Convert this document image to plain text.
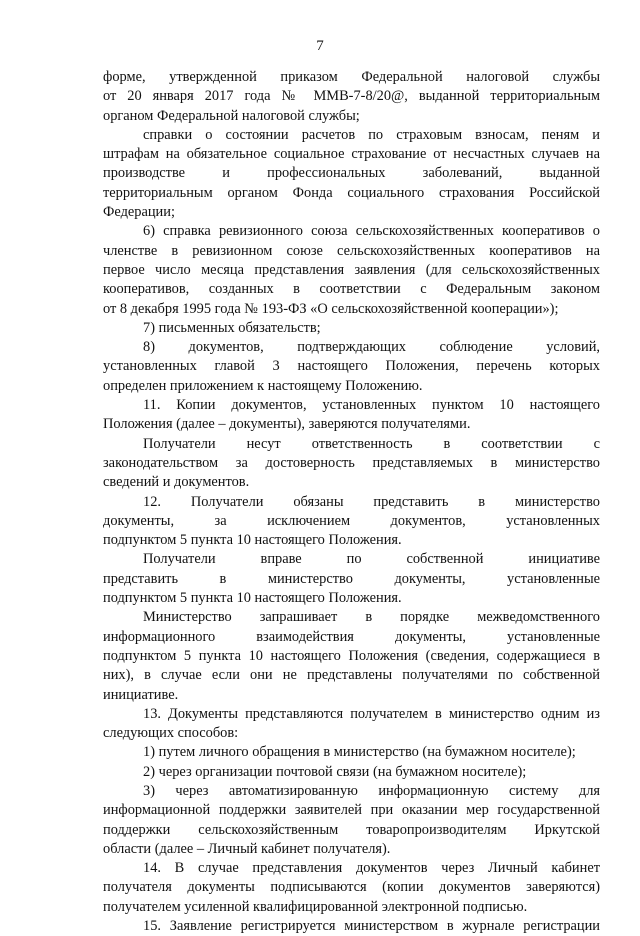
7
форме, утвержденной приказом Федеральной налоговой службы
от 20 января 2017 года № ММВ-7-8/20@, выданной территориальным
органом Федеральной налоговой службы;
справки о состоянии расчетов по страховым взносам, пеням и
штрафам на обязательное социальное страхование от несчастных случаев на
производстве и профессиональных заболеваний, выданной
территориальным органом Фонда социального страхования Российской
Федерации;
6) справка ревизионного союза сельскохозяйственных кооперативов о
членстве в ревизионном союзе сельскохозяйственных кооперативов на
первое число месяца представления заявления (для сельскохозяйственных
кооперативов, созданных в соответствии с Федеральным законом
от 8 декабря 1995 года № 193-ФЗ «О сельскохозяйственной кооперации»);
7) письменных обязательств;
8) документов, подтверждающих соблюдение условий,
установленных главой 3 настоящего Положения, перечень которых
определен приложением к настоящему Положению.
11. Копии документов, установленных пунктом 10 настоящего
Положения (далее – документы), заверяются получателями.
Получатели несут ответственность в соответствии с
законодательством за достоверность представляемых в министерство
сведений и документов.
12. Получатели обязаны представить в министерство
документы, за исключением документов, установленных
подпунктом 5 пункта 10 настоящего Положения.
Получатели вправе по собственной инициативе
представить в министерство документы, установленные
подпунктом 5 пункта 10 настоящего Положения.
Министерство запрашивает в порядке межведомственного
информационного взаимодействия документы, установленные
подпунктом 5 пункта 10 настоящего Положения (сведения, содержащиеся в
них), в случае если они не представлены получателями по собственной
инициативе.
13. Документы представляются получателем в министерство одним из
следующих способов:
1) путем личного обращения в министерство (на бумажном носителе);
2) через организации почтовой связи (на бумажном носителе);
3) через автоматизированную информационную систему для
информационной поддержки заявителей при оказании мер государственной
поддержки сельскохозяйственным товаропроизводителям Иркутской
области (далее – Личный кабинет получателя).
14. В случае представления документов через Личный кабинет
получателя документы подписываются (копии документов заверяются)
получателем усиленной квалифицированной электронной подписью.
15. Заявление регистрируется министерством в журнале регистрации
